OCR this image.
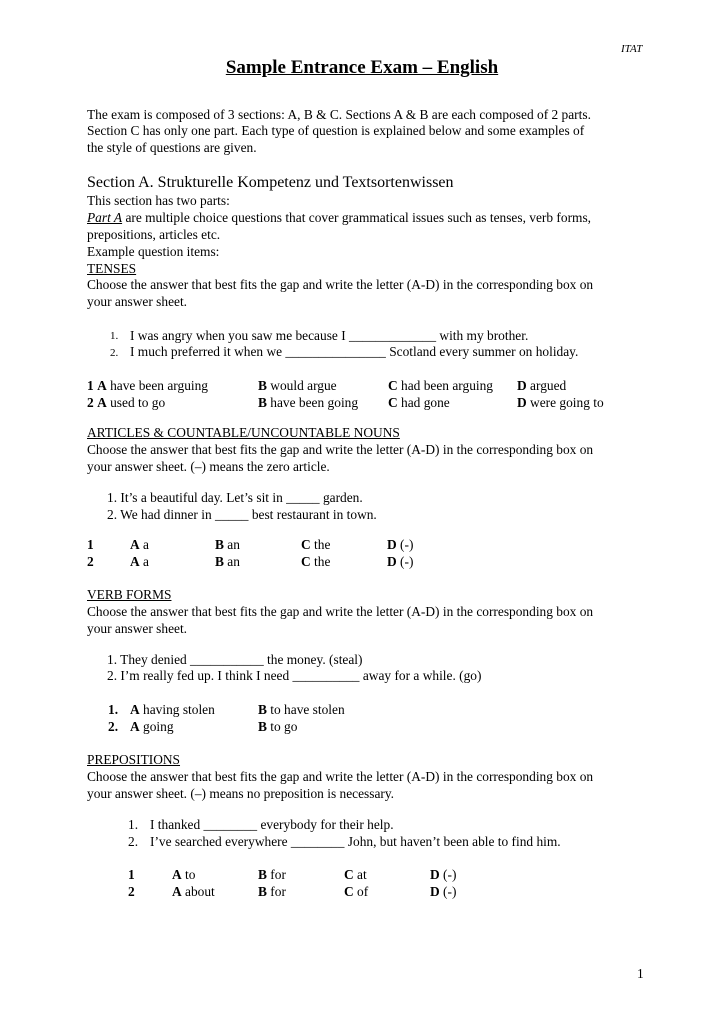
ITAT
Sample Entrance Exam – English
The exam is composed of 3 sections: A, B & C. Sections A & B are each composed of 2 parts.
Section C has only one part. Each type of question is explained below and some examples of
the style of questions are given.
Section A. Strukturelle Kompetenz und Textsortenwissen
This section has two parts:
Part A are multiple choice questions that cover grammatical issues such as tenses, verb forms,
prepositions, articles etc.
Example question items:
TENSES
Choose the answer that best fits the gap and write the letter (A-D) in the corresponding box on
your answer sheet.
1. I was angry when you saw me because I _____________ with my brother.
2. I much preferred it when we _______________ Scotland every summer on holiday.
1 A have been arguing	B would argue	C had been arguing D argued
2 A used to go	B have been going C had gone	D were going to
ARTICLES & COUNTABLE/UNCOUNTABLE NOUNS
Choose the answer that best fits the gap and write the letter (A-D) in the corresponding box on
your answer sheet. (–) means the zero article.
1. It’s a beautiful day. Let’s sit in _____ garden.
2. We had dinner in _____ best restaurant in town.
1	A a	B an	C the	D (-)
2	A a	B an	C the	D (-)
VERB FORMS
Choose the answer that best fits the gap and write the letter (A-D) in the corresponding box on
your answer sheet.
1. They denied ___________ the money. (steal)
2. I’m really fed up. I think I need __________ away for a while. (go)
1. A having stolen	B to have stolen
2. A going	B to go
PREPOSITIONS
Choose the answer that best fits the gap and write the letter (A-D) in the corresponding box on
your answer sheet. (–) means no preposition is necessary.
1. I thanked ________ everybody for their help.
2. I’ve searched everywhere ________ John, but haven’t been able to find him.
1	A to	B for	C at	D (-)
2	A about	B for	C of	D (-)
1
